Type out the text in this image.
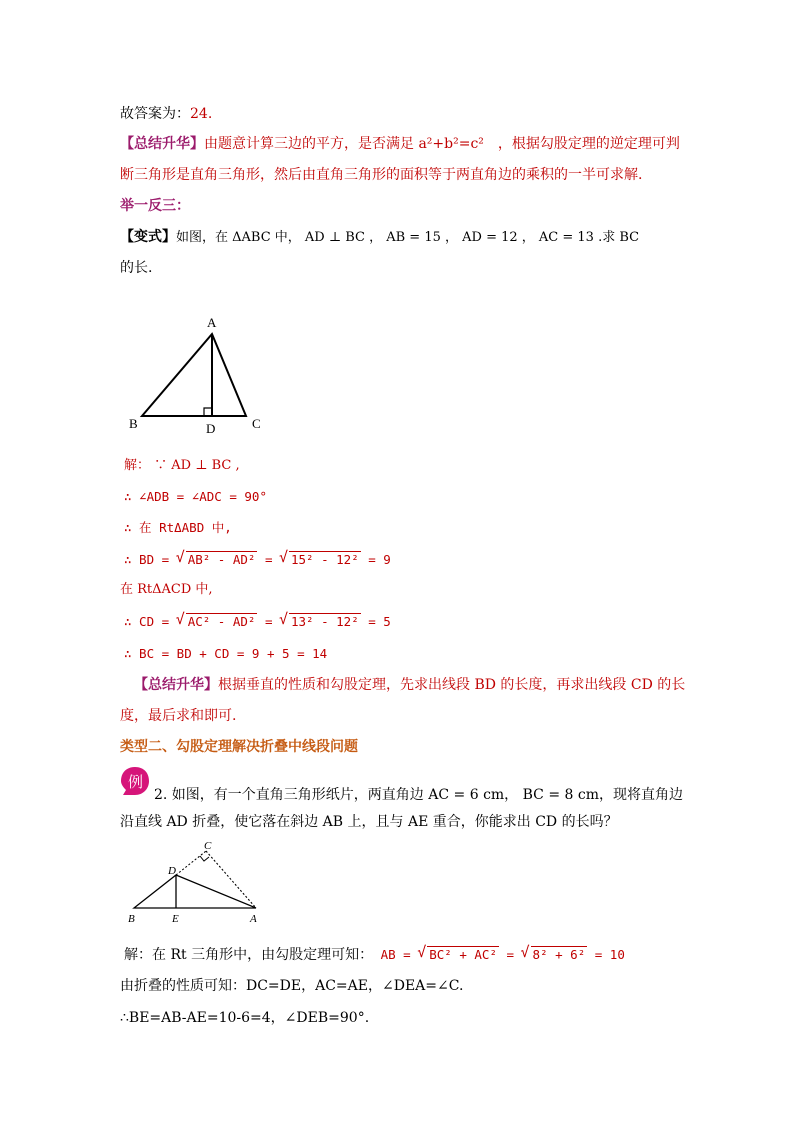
故答案为：24.
【总结升华】由题意计算三边的平方，是否满足 a²+b²=c²　，根据勾股定理的逆定理可判
断三角形是直角三角形，然后由直角三角形的面积等于两直角边的乘积的一半可求解.
举一反三：
【变式】如图，在 ΔABC 中， AD ⊥ BC ， AB = 15 ， AD = 12 ， AC = 13 .求 BC
的长.
A
B	C
D
解： ∵ AD ⊥ BC ,
∴ ∠ADB = ∠ADC = 90°
∴ 在 RtΔABD 中,
∴ BD = √ AB² - AD² = √ 15² - 12² = 9
在 RtΔACD 中,
∴ CD = √ AC² - AD² = √ 13² - 12² = 5
∴ BC = BD + CD = 9 + 5 = 14
【总结升华】根据垂直的性质和勾股定理，先求出线段 BD 的长度，再求出线段 CD 的长
度，最后求和即可.
类型二、勾股定理解决折叠中线段问题
例
2. 如图，有一个直角三角形纸片，两直角边 AC = 6 cm， BC = 8 cm，现将直角边
沿直线 AD 折叠，使它落在斜边 AB 上，且与 AE 重合，你能求出 CD 的长吗？
C
D
B	E	A
解：在 Rt 三角形中，由勾股定理可知： AB = √ BC² + AC² = √ 8² + 6² = 10
由折叠的性质可知：DC=DE，AC=AE，∠DEA=∠C.
∴BE=AB-AE=10-6=4，∠DEB=90°.
